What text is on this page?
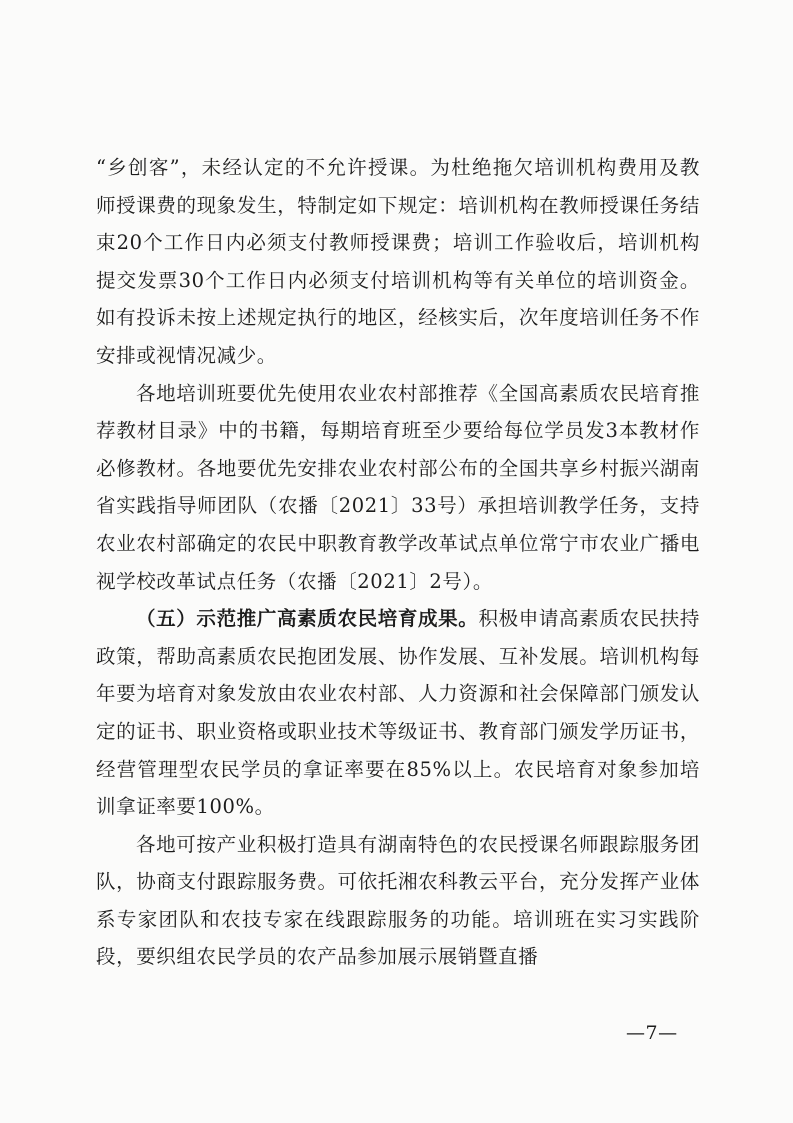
“乡创客”，未经认定的不允许授课。为杜绝拖欠培训机构费用及教师授课费的现象发生，特制定如下规定：培训机构在教师授课任务结束20个工作日内必须支付教师授课费；培训工作验收后，培训机构提交发票30个工作日内必须支付培训机构等有关单位的培训资金。如有投诉未按上述规定执行的地区，经核实后，次年度培训任务不作安排或视情况减少。

各地培训班要优先使用农业农村部推荐《全国高素质农民培育推荐教材目录》中的书籍，每期培育班至少要给每位学员发3本教材作必修教材。各地要优先安排农业农村部公布的全国共享乡村振兴湖南省实践指导师团队（农播〔2021〕33号）承担培训教学任务，支持农业农村部确定的农民中职教育教学改革试点单位常宁市农业广播电视学校改革试点任务（农播〔2021〕2号）。

（五）示范推广高素质农民培育成果。积极申请高素质农民扶持政策，帮助高素质农民抱团发展、协作发展、互补发展。培训机构每年要为培育对象发放由农业农村部、人力资源和社会保障部门颁发认定的证书、职业资格或职业技术等级证书、教育部门颁发学历证书，经营管理型农民学员的拿证率要在85%以上。农民培育对象参加培训拿证率要100%。

各地可按产业积极打造具有湖南特色的农民授课名师跟踪服务团队，协商支付跟踪服务费。可依托湘农科教云平台，充分发挥产业体系专家团队和农技专家在线跟踪服务的功能。培训班在实习实践阶段，要织组农民学员的农产品参加展示展销暨直播

—7—
